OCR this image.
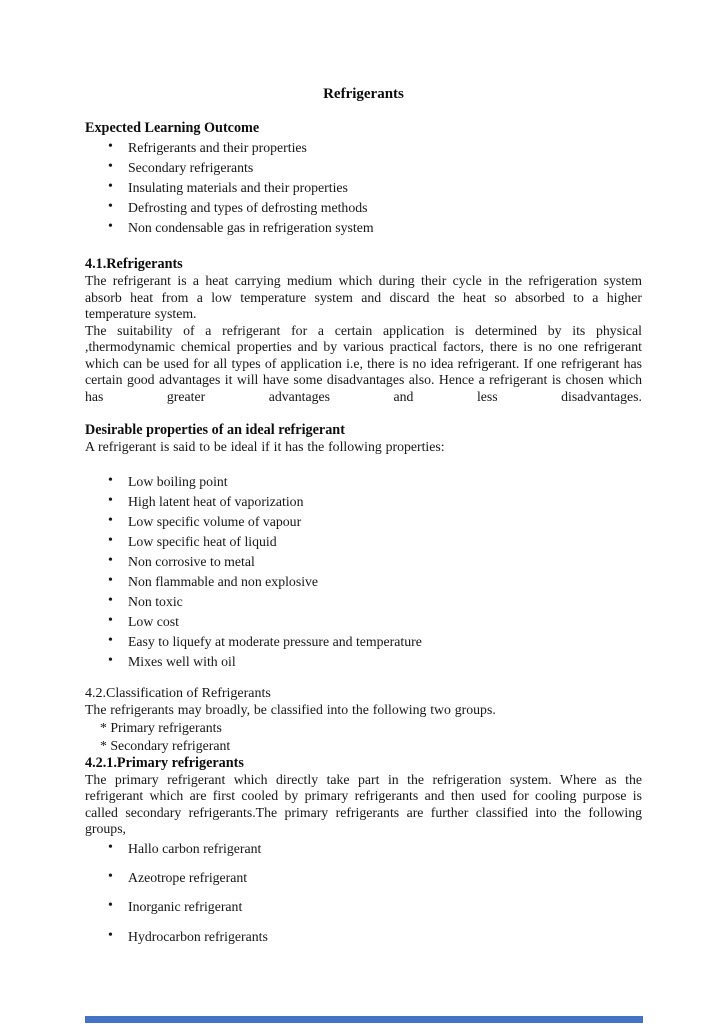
Refrigerants
Expected Learning Outcome
• Refrigerants and their properties
• Secondary refrigerants
• Insulating materials and their properties
• Defrosting and types of defrosting methods
• Non condensable gas in refrigeration system
4.1.Refrigerants

The refrigerant is a heat carrying medium which during their cycle in the refrigeration system absorb heat from a low temperature system and discard the heat so absorbed to a higher temperature system.

The suitability of a refrigerant for a certain application is determined by its physical ,thermodynamic chemical properties and by various practical factors, there is no one refrigerant which can be used for all types of application i.e, there is no idea refrigerant. If one refrigerant has certain good advantages it will have some disadvantages also. Hence a refrigerant is chosen which has greater advantages and less disadvantages.

Desirable properties of an ideal refrigerant

A refrigerant is said to be ideal if it has the following properties:

• Low boiling point
• High latent heat of vaporization
• Low specific volume of vapour
• Low specific heat of liquid
• Non corrosive to metal
• Non flammable and non explosive
• Non toxic
• Low cost
• Easy to liquefy at moderate pressure and temperature
• Mixes well with oil
4.2.Classification of Refrigerants

The refrigerants may broadly, be classified into the following two groups.

* Primary refrigerants

* Secondary refrigerant

4.2.1.Primary refrigerants

The primary refrigerant which directly take part in the refrigeration system. Where as the refrigerant which are first cooled by primary refrigerants and then used for cooling purpose is called secondary refrigerants.The primary refrigerants are further classified into the following groups,

• Hallo carbon refrigerant
• Azeotrope refrigerant
• Inorganic refrigerant
• Hydrocarbon refrigerants
